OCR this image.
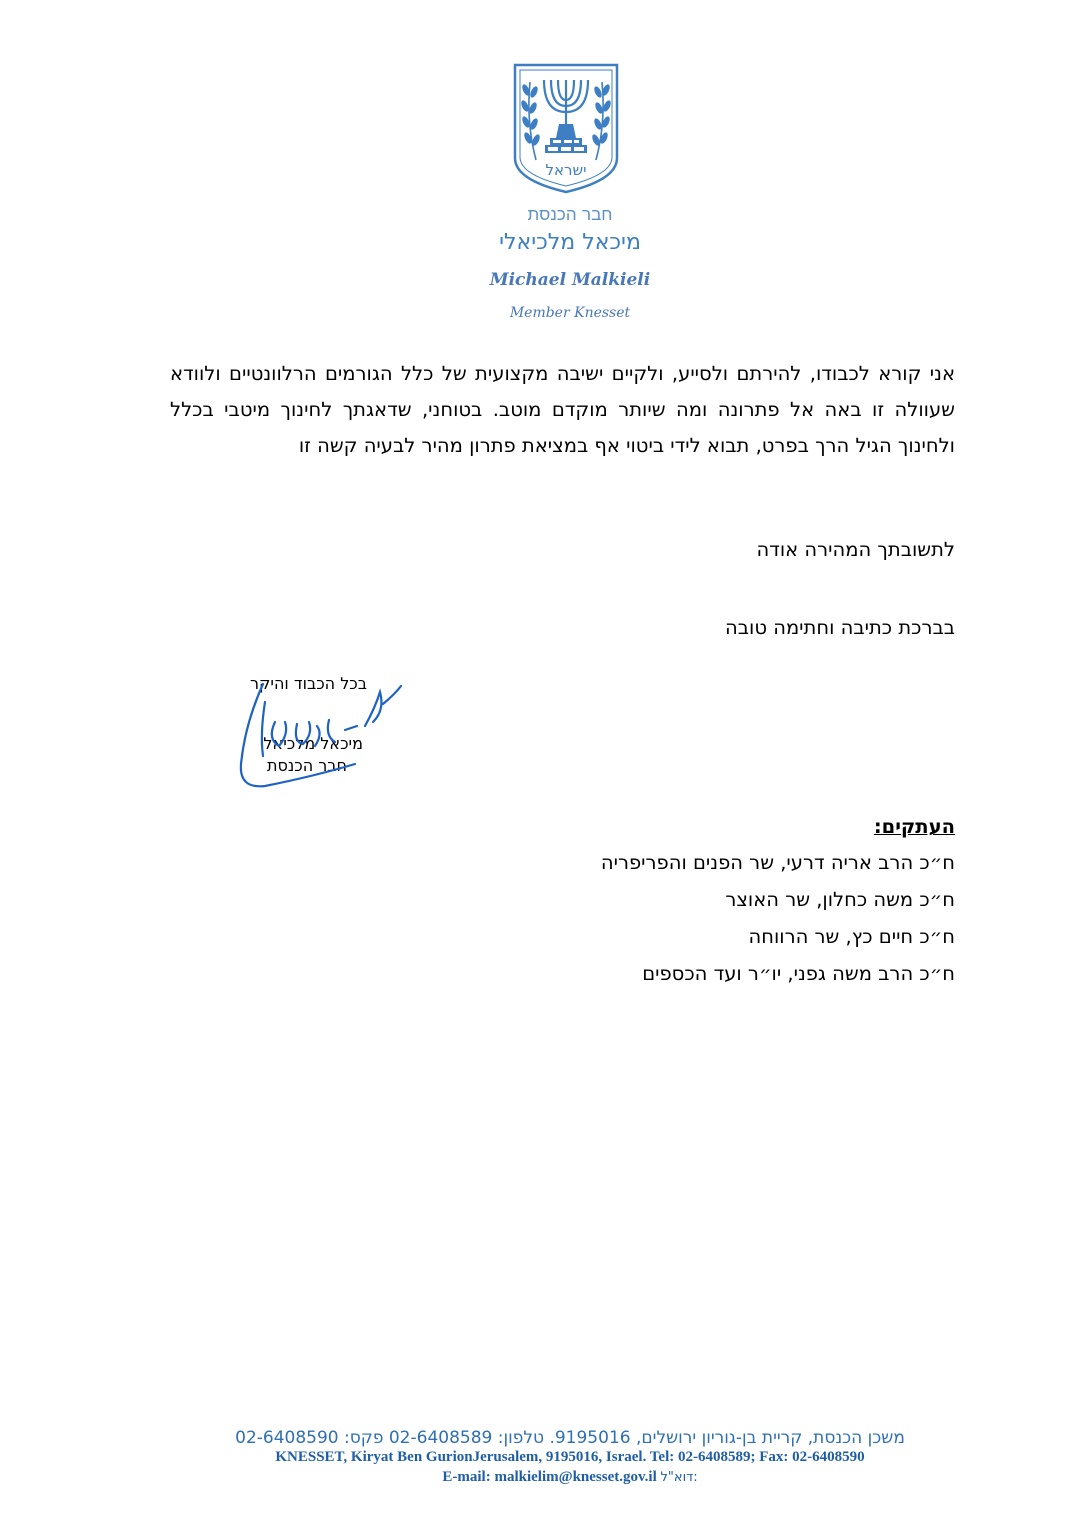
ישראל
חבר הכנסת
מיכאל מלכיאלי
Michael Malkieli
Member Knesset

אני קורא לכבודו, להירתם ולסייע, ולקיים ישיבה מקצועית של כלל הגורמים הרלוונטיים ולוודא שעוולה זו באה אל פתרונה ומה שיותר מוקדם מוטב. בטוחני, שדאגתך לחינוך מיטבי בכלל ולחינוך הגיל הרך בפרט, תבוא לידי ביטוי אף במציאת פתרון מהיר לבעיה קשה זו

לתשובתך המהירה אודה
בברכת כתיבה וחתימה טובה
בכל הכבוד והיקר
מיכאל מלכיאלי
חבר הכנסת
העתקים:
ח״כ הרב אריה דרעי, שר הפנים והפריפריה
ח״כ משה כחלון, שר האוצר
ח״כ חיים כץ, שר הרווחה
ח״כ הרב משה גפני, יו״ר ועד הכספים
משכן הכנסת, קריית בן-גוריון ירושלים, 9195016. טלפון: 02-6408589 פקס: 02-6408590
KNESSET, Kiryat Ben GurionJerusalem, 9195016, Israel. Tel: 02-6408589; Fax: 02-6408590
E-mail: malkielim@knesset.gov.il דוא"ל:
